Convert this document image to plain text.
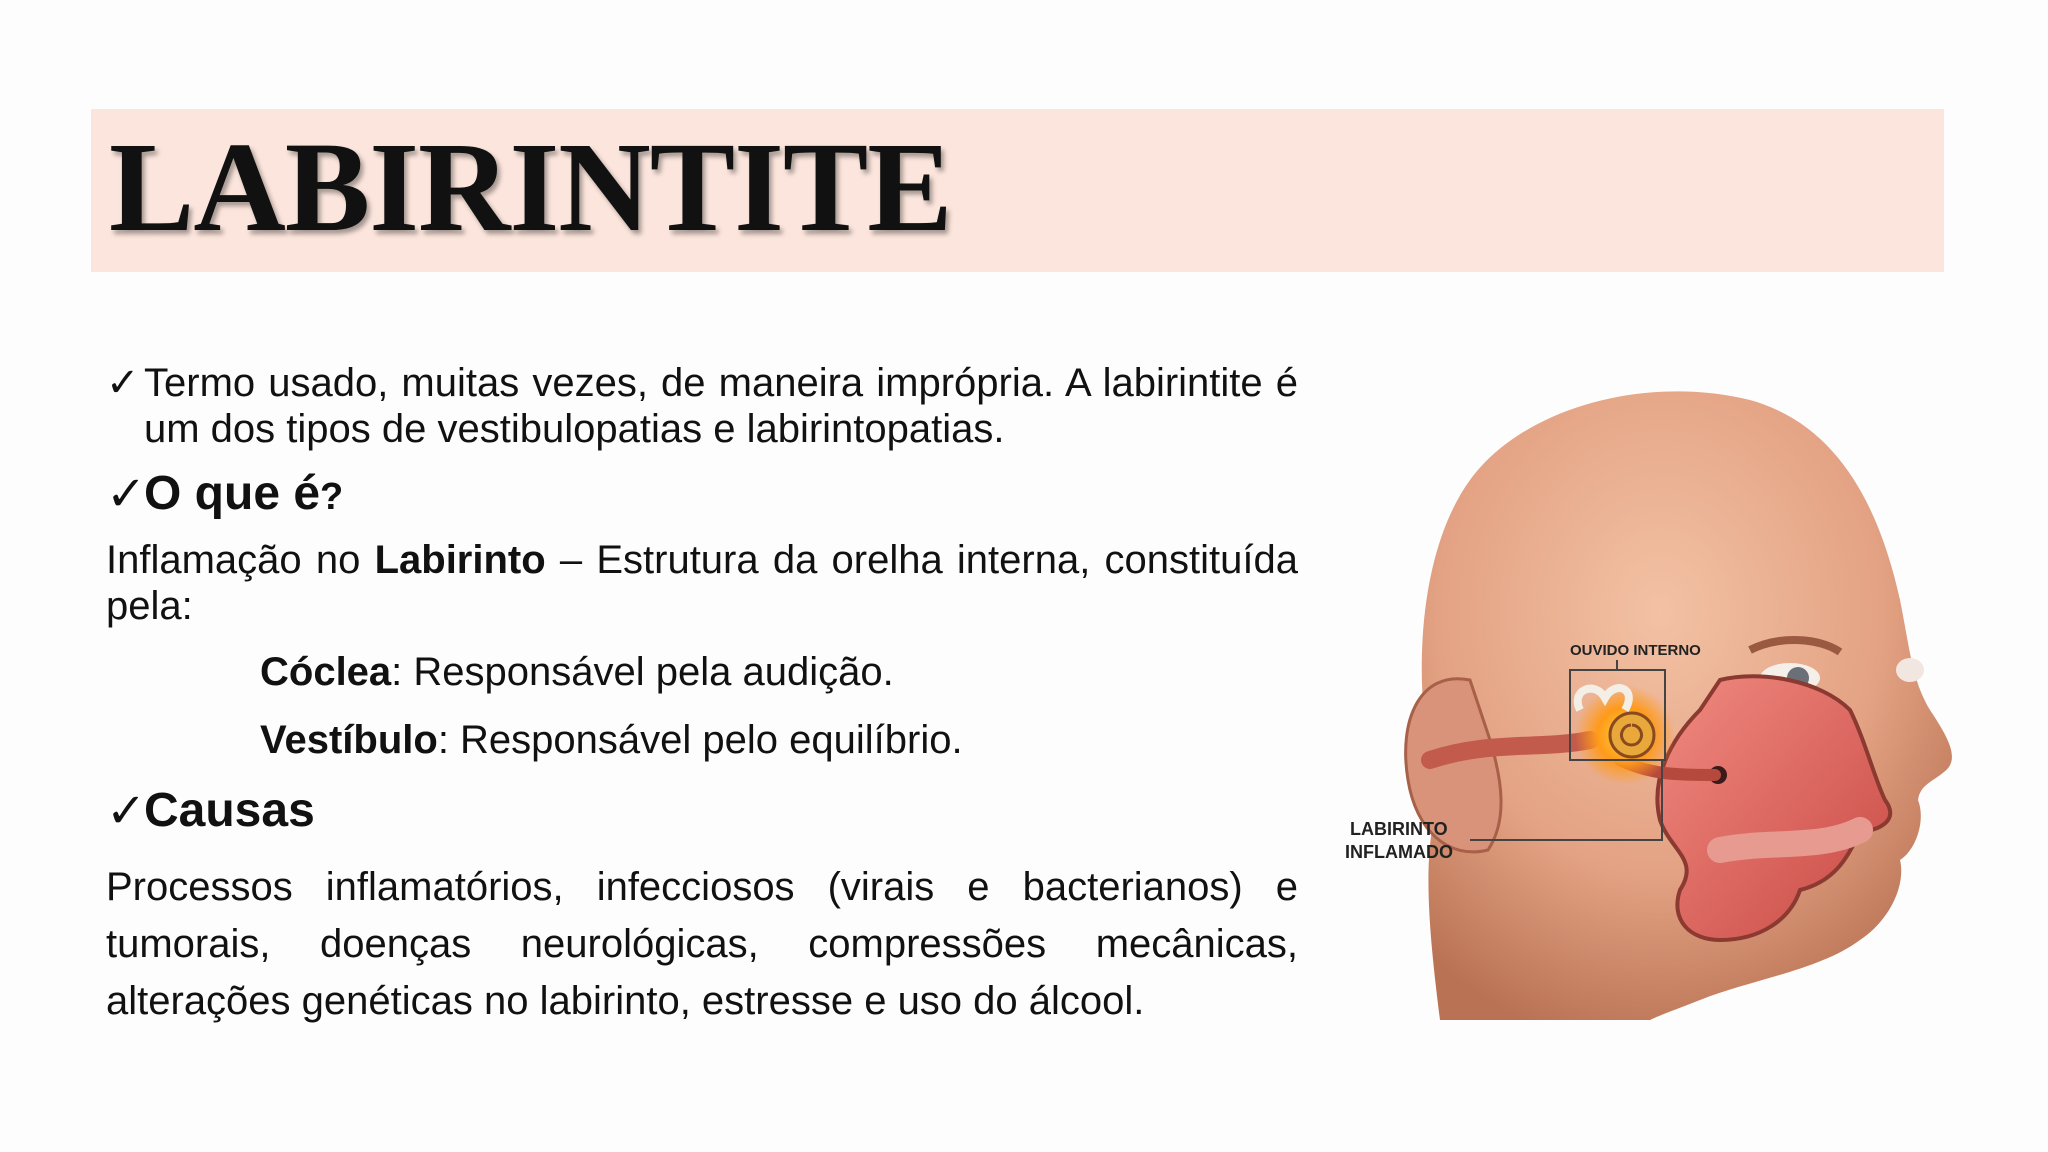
LABIRINTITE
✓ Termo usado, muitas vezes, de maneira imprópria. A labirintite é um dos tipos de vestibulopatias e labirintopatias.
✓
O que é?

Inflamação no Labirinto – Estrutura da orelha interna, constituída pela:

Cóclea: Responsável pela audição.

Vestíbulo: Responsável pelo equilíbrio.

✓
Causas

Processos inflamatórios, infecciosos (virais e bacterianos) e tumorais, doenças neurológicas, compressões mecânicas, alterações genéticas no labirinto, estresse e uso do álcool.

OUVIDO INTERNO
LABIRINTO
INFLAMADO
